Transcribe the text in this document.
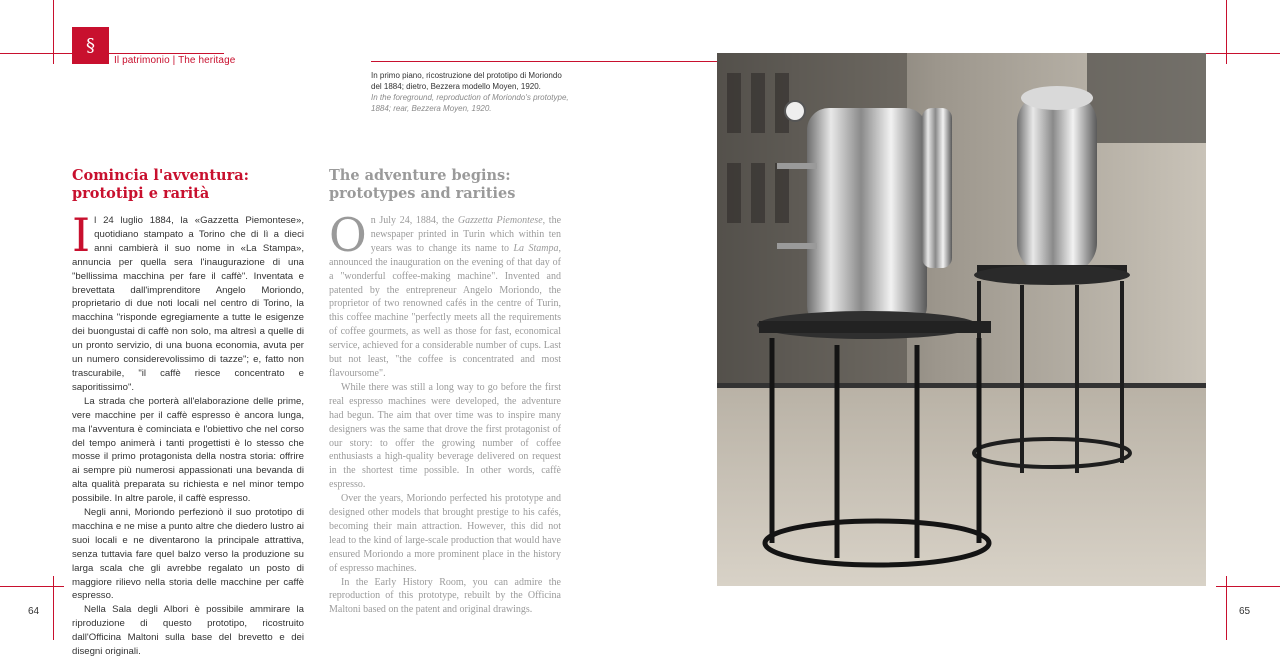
§
Il patrimonio | The heritage
In primo piano, ricostruzione del prototipo di Moriondo del 1884; dietro, Bezzera modello Moyen, 1920.
In the foreground, reproduction of Moriondo's prototype, 1884; rear, Bezzera Moyen, 1920.
Comincia l'avventura:
prototipi e rarità
The adventure begins:
prototypes and rarities

Il 24 luglio 1884, la «Gazzetta Piemontese», quotidiano stampato a Torino che di lì a dieci anni cambierà il suo nome in «La Stampa», annuncia per quella sera l'inaugurazione di una "bellissima macchina per fare il caffè". Inventata e brevettata dall'imprenditore Angelo Moriondo, proprietario di due noti locali nel centro di Torino, la macchina "risponde egregiamente a tutte le esigenze dei buongustai di caffè non solo, ma altresì a quelle di un pronto servizio, di una buona economia, avuta per un numero considerevolissimo di tazze"; e, fatto non trascurabile, "il caffè riesce concentrato e saporitissimo".

La strada che porterà all'elaborazione delle prime, vere macchine per il caffè espresso è ancora lunga, ma l'avventura è cominciata e l'obiettivo che nel corso del tempo animerà i tanti progettisti è lo stesso che mosse il primo protagonista della nostra storia: offrire ai sempre più numerosi appassionati una bevanda di alta qualità preparata su richiesta e nel minor tempo possibile. In altre parole, il caffè espresso.

Negli anni, Moriondo perfezionò il suo prototipo di macchina e ne mise a punto altre che diedero lustro ai suoi locali e ne diventarono la principale attrattiva, senza tuttavia fare quel balzo verso la produzione su larga scala che gli avrebbe regalato un posto di maggiore rilievo nella storia delle macchine per caffè espresso.

Nella Sala degli Albori è possibile ammirare la riproduzione di questo prototipo, ricostruito dall'Officina Maltoni sulla base del brevetto e dei disegni originali.

On July 24, 1884, the Gazzetta Piemontese, the newspaper printed in Turin which within ten years was to change its name to La Stampa, announced the inauguration on the evening of that day of a "wonderful coffee-making machine". Invented and patented by the entrepreneur Angelo Moriondo, the proprietor of two renowned cafés in the centre of Turin, this coffee machine "perfectly meets all the requirements of coffee gourmets, as well as those for fast, economical service, achieved for a considerable number of cups. Last but not least, "the coffee is concentrated and most flavoursome".

While there was still a long way to go before the first real espresso machines were developed, the adventure had begun. The aim that over time was to inspire many designers was the same that drove the first protagonist of our story: to offer the growing number of coffee enthusiasts a high-quality beverage delivered on request in the shortest time possible. In other words, caffè espresso.

Over the years, Moriondo perfected his prototype and designed other models that brought prestige to his cafés, becoming their main attraction. However, this did not lead to the kind of large-scale production that would have ensured Moriondo a more prominent place in the history of espresso machines.

In the Early History Room, you can admire the reproduction of this prototype, rebuilt by the Officina Maltoni based on the patent and original drawings.

64	65
